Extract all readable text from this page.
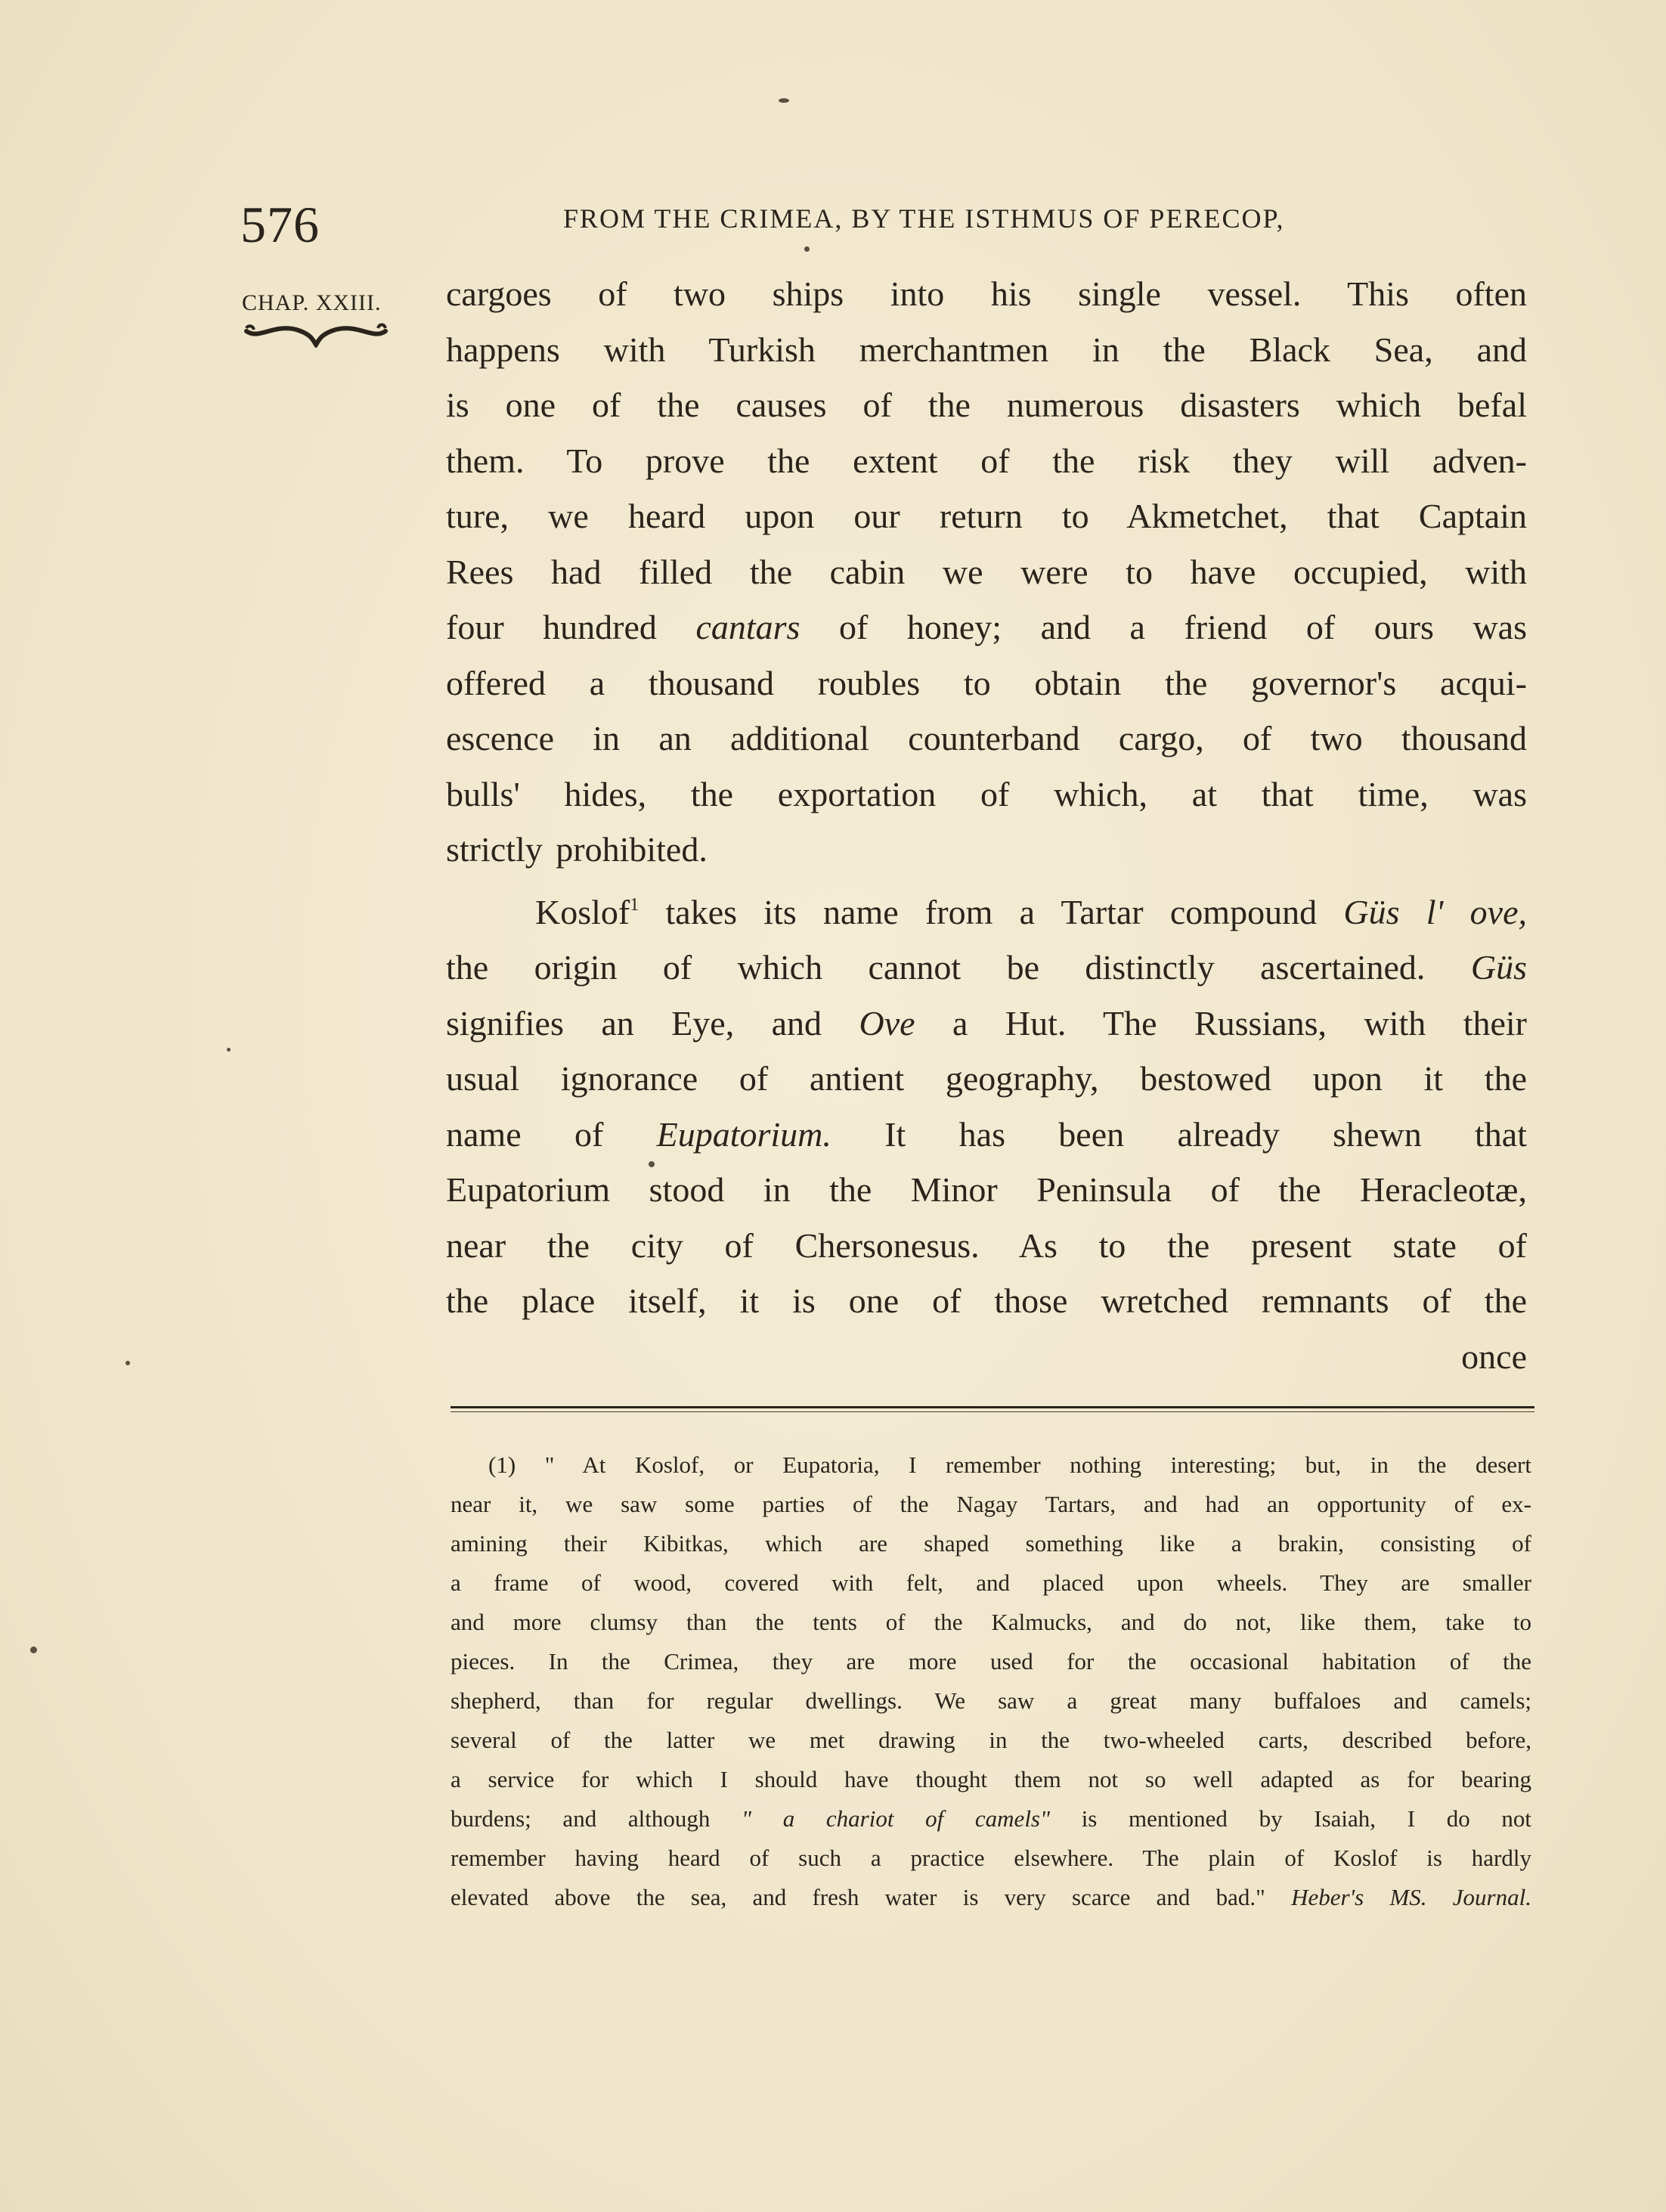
576	FROM THE CRIMEA, BY THE ISTHMUS OF PERECOP,
CHAP. XXIII. cargoes of two ships into his single vessel. This often
happens with Turkish merchantmen in the Black Sea, and
is one of the causes of the numerous disasters which befal
them. To prove the extent of the risk they will adven-
ture, we heard upon our return to Akmetchet, that Captain
Rees had filled the cabin we were to have occupied, with
four hundred cantars of honey; and a friend of ours was
offered a thousand roubles to obtain the governor's acqui-
escence in an additional counterband cargo, of two thousand
bulls' hides, the exportation of which, at that time, was
strictly prohibited.

Koslof$^1$ takes its name from a Tartar compound Güs l' ove,
the origin of which cannot be distinctly ascertained. Güs
signifies an Eye, and Ove a Hut. The Russians, with their
usual ignorance of antient geography, bestowed upon it the
name of Eupatorium. It has been already shewn that
Eupatorium stood in the Minor Peninsula of the Heracleotæ,
near the city of Chersonesus. As to the present state of
the place itself, it is one of those wretched remnants of the
once

(1) " At Koslof, or Eupatoria, I remember nothing interesting; but, in the desert
near it, we saw some parties of the Nagay Tartars, and had an opportunity of ex-
amining their Kibitkas, which are shaped something like a brakin, consisting of
a frame of wood, covered with felt, and placed upon wheels. They are smaller
and more clumsy than the tents of the Kalmucks, and do not, like them, take to
pieces. In the Crimea, they are more used for the occasional habitation of the
shepherd, than for regular dwellings. We saw a great many buffaloes and camels;
several of the latter we met drawing in the two-wheeled carts, described before,
a service for which I should have thought them not so well adapted as for bearing
burdens; and although " a chariot of camels" is mentioned by Isaiah, I do not
remember having heard of such a practice elsewhere. The plain of Koslof is hardly
elevated above the sea, and fresh water is very scarce and bad." Heber's MS. Journal.
